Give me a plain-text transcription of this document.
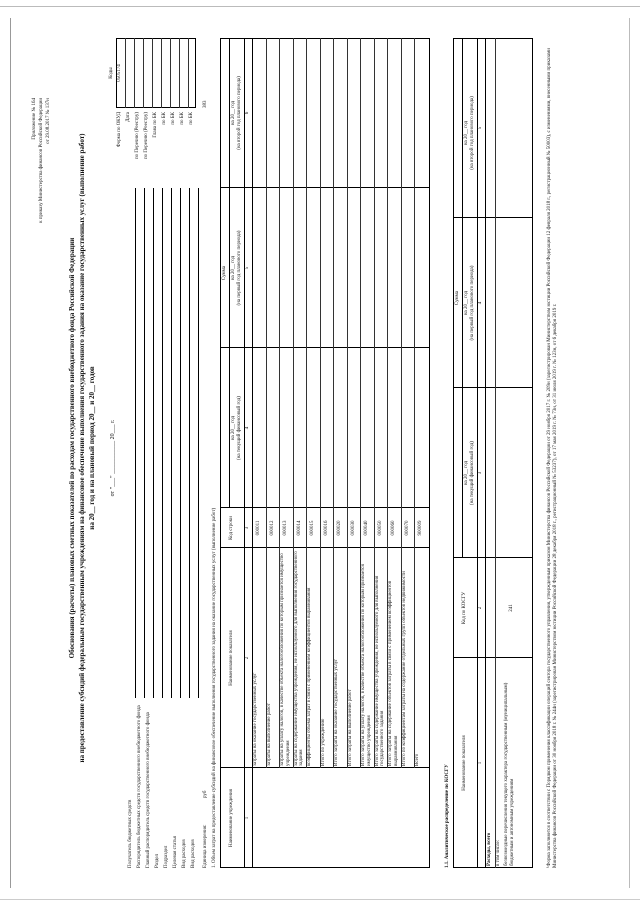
Приложение № 164 к приказу Министерства финансов Российской Федерации от 29.08.2017 № 137н
Обоснования (расчеты) плановых сметных показателей по расходам государственного внебюджетного фонда Российской Федерации на предоставление субсидий федеральным государственным учреждениям на финансовое обеспечение выполнения государственного задания на оказание государственных услуг (выполнение работ) на 20__ год и на плановый период 20__ и 20__ годов от "___" ___________ 20___ г.
Коды
Единица измерения:
руб
383
1. Объем затрат на предоставление субсидий на финансовое обеспечение выполнения государственного задания на оказание государственных услуг (выполнение работ)	1.1. Аналитическое распределение по КОСГУ	¹Форма заполняется в соответствии с Порядком применения классификации операций сектора государственного управления, утвержденным приказом Министерства финансов Российской Федерации от 29 ноября 2017 г. № 209н (зарегистрирован Министерством юстиции Российской Федерации 12 февраля 2018 г., регистрационный № 50003), с изменениями, внесенными приказами Министерства финансов Российской Федерации от 30 ноября 2018 г. № 244н (зарегистрирован Министерством юстиции Российской Федерации 28 декабря 2018 г., регистрационный № 53237), от 17 мая 2019 г. № 73н, от 31 июля 2019 г. № 123н, от 6 декабря 2019 г.
Форма по ОКУД
0505174
Дата по Перечню (Реестру) по Перечню (Реестру) Глава по БК по БК по БК по БК по БК
Получатель бюджетных средств Распорядитель бюджетных средств государственного внебюджетного фонда Главный распорядитель средств государственного внебюджетного фонда Раздел Подраздел Целевая статья Вид расходов Вид расходов
Наименование учреждения
Наименование показателя
Код строки
Сумма
на 20__ год (на текущий финансовый год)
на 20__ год (на первый год планового периода)
на 20__ год (на второй год планового периода)
1
2
3
4
5
6
затраты на оказание государственных услуг
000011
затраты на выполнение работ
000012
затраты на уплату налогов, в качестве объекта налогообложения по которым признается имущество учреждения
000013
затраты на содержание имущества учреждения, не используемого для выполнения государственного задания
000014
коэффициенты объема затрат в связи с применением коэффициентов выравнивания
000015
Итого по учреждению
000016
Итого затраты на оказание государственных услуг
000020
Итого затраты на выполнение работ
000030
Итого затраты на уплату налогов, в качестве объекта налогообложения по которым признается имущество учреждения
000040
Итого затраты на содержание имущества учреждения, не используемого для выполнения государственного задания
000050
Итого затраты на содержание объектов затраты в связи с применением коэффициентов выравнивания
000060
Итого по коэффициентам затраты на содержание отдельных групп объектов недвижимости
000070
Всего
900009
Наименование показателя
Код по КОСГУ
Сумма
на 20__ год (на текущий финансовый год)
на 20__ год (на первый год планового периода)
на 20__ год (на второй год планового периода)
1
2
3
4
5
Расходы, всего в том числе: безвозмездные перечисления текущего характера государственным (муниципальным) бюджетным и автономным учреждениям
241
